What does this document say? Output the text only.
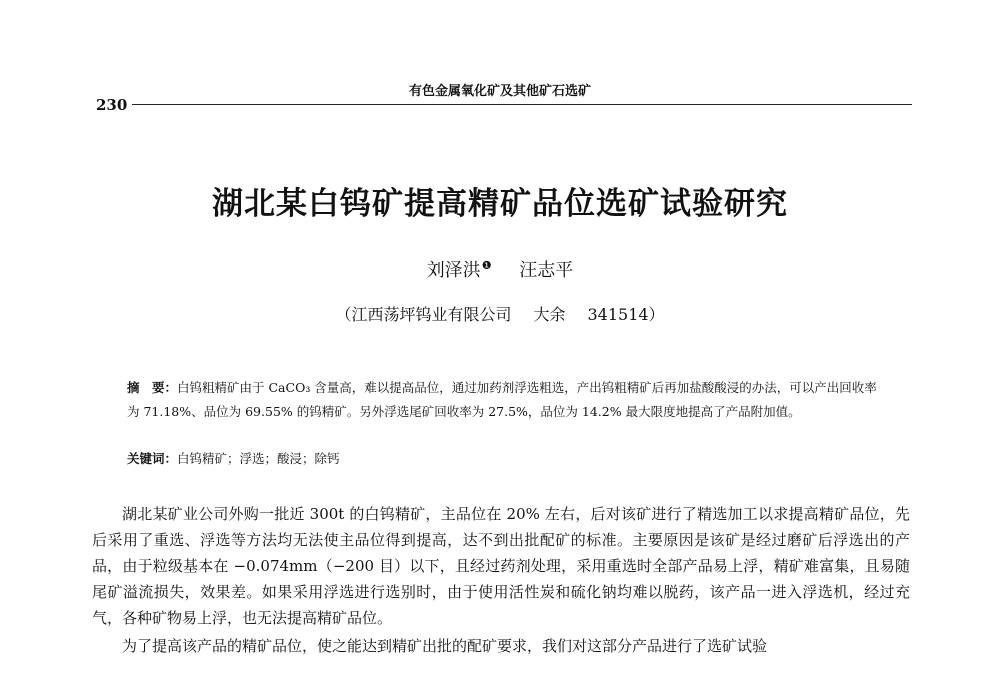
有色金属氧化矿及其他矿石选矿
230
湖北某白钨矿提高精矿品位选矿试验研究
刘泽洪$^❶$ 汪志平
（江西荡坪钨业有限公司 大余 341514）
摘　要：白钨粗精矿由于 CaCO₃ 含量高，难以提高品位，通过加药剂浮选粗选，产出钨粗精矿后再加盐酸酸浸的办法，可以产出回收率为 71.18%、品位为 69.55% 的钨精矿。另外浮选尾矿回收率为 27.5%，品位为 14.2% 最大限度地提高了产品附加值。
关键词：白钨精矿；浮选；酸浸；除钙

湖北某矿业公司外购一批近 300t 的白钨精矿，主品位在 20% 左右，后对该矿进行了精选加工以求提高精矿品位，先后采用了重选、浮选等方法均无法使主品位得到提高，达不到出批配矿的标准。主要原因是该矿是经过磨矿后浮选出的产品，由于粒级基本在 −0.074mm（−200 目）以下，且经过药剂处理，采用重选时全部产品易上浮，精矿难富集，且易随尾矿溢流损失，效果差。如果采用浮选进行选别时，由于使用活性炭和硫化钠均难以脱药，该产品一进入浮选机，经过充气，各种矿物易上浮，也无法提高精矿品位。

为了提高该产品的精矿品位，使之能达到精矿出批的配矿要求，我们对这部分产品进行了选矿试验
